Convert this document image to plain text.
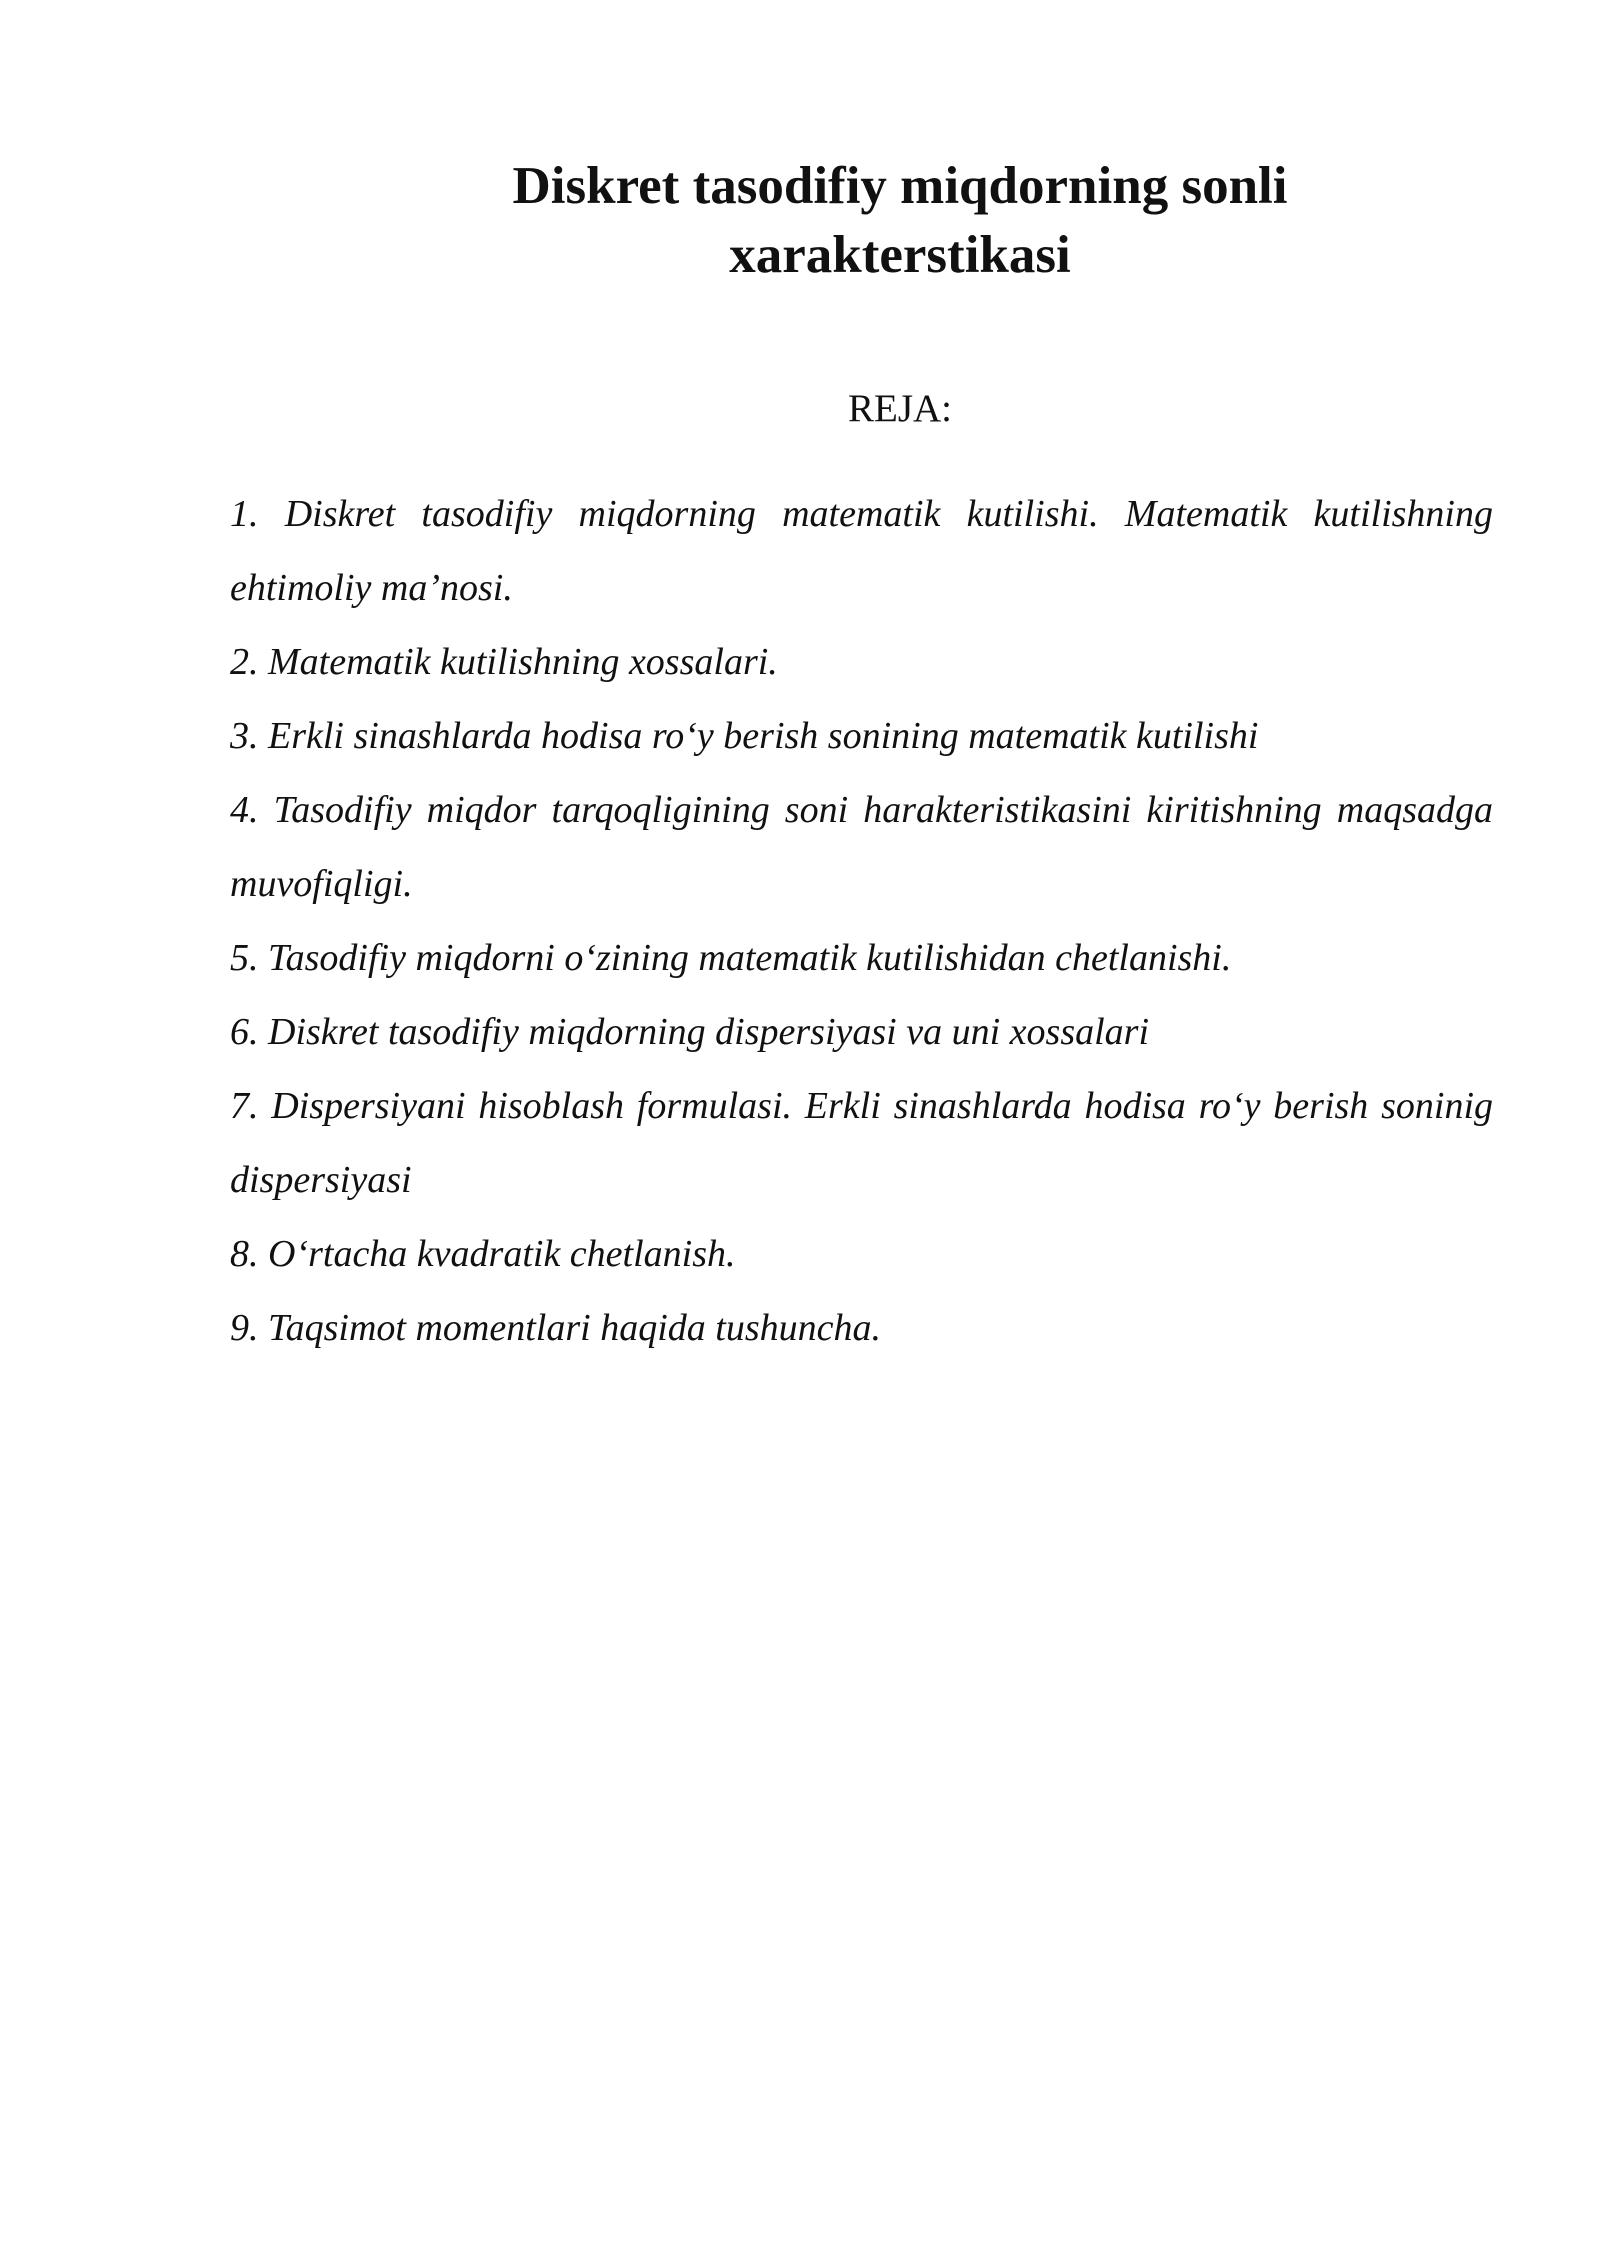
Diskret tasodifiy miqdorning sonli
xarakterstikasi
REJA:
1. Diskret tasodifiy miqdorning matematik kutilishi. Matematik kutilishning ehtimoliy ma’nosi.
2. Matematik kutilishning xossalari.
3. Erkli sinashlarda hodisa ro‘y berish sonining matematik kutilishi
4. Tasodifiy miqdor tarqoqligining soni harakteristikasini kiritishning maqsadga muvofiqligi.
5. Tasodifiy miqdorni o‘zining matematik kutilishidan chetlanishi.
6. Diskret tasodifiy miqdorning dispersiyasi va uni xossalari
7. Dispersiyani hisoblash formulasi. Erkli sinashlarda hodisa ro‘y berish soninig dispersiyasi
8. O‘rtacha kvadratik chetlanish.
9. Taqsimot momentlari haqida tushuncha.
